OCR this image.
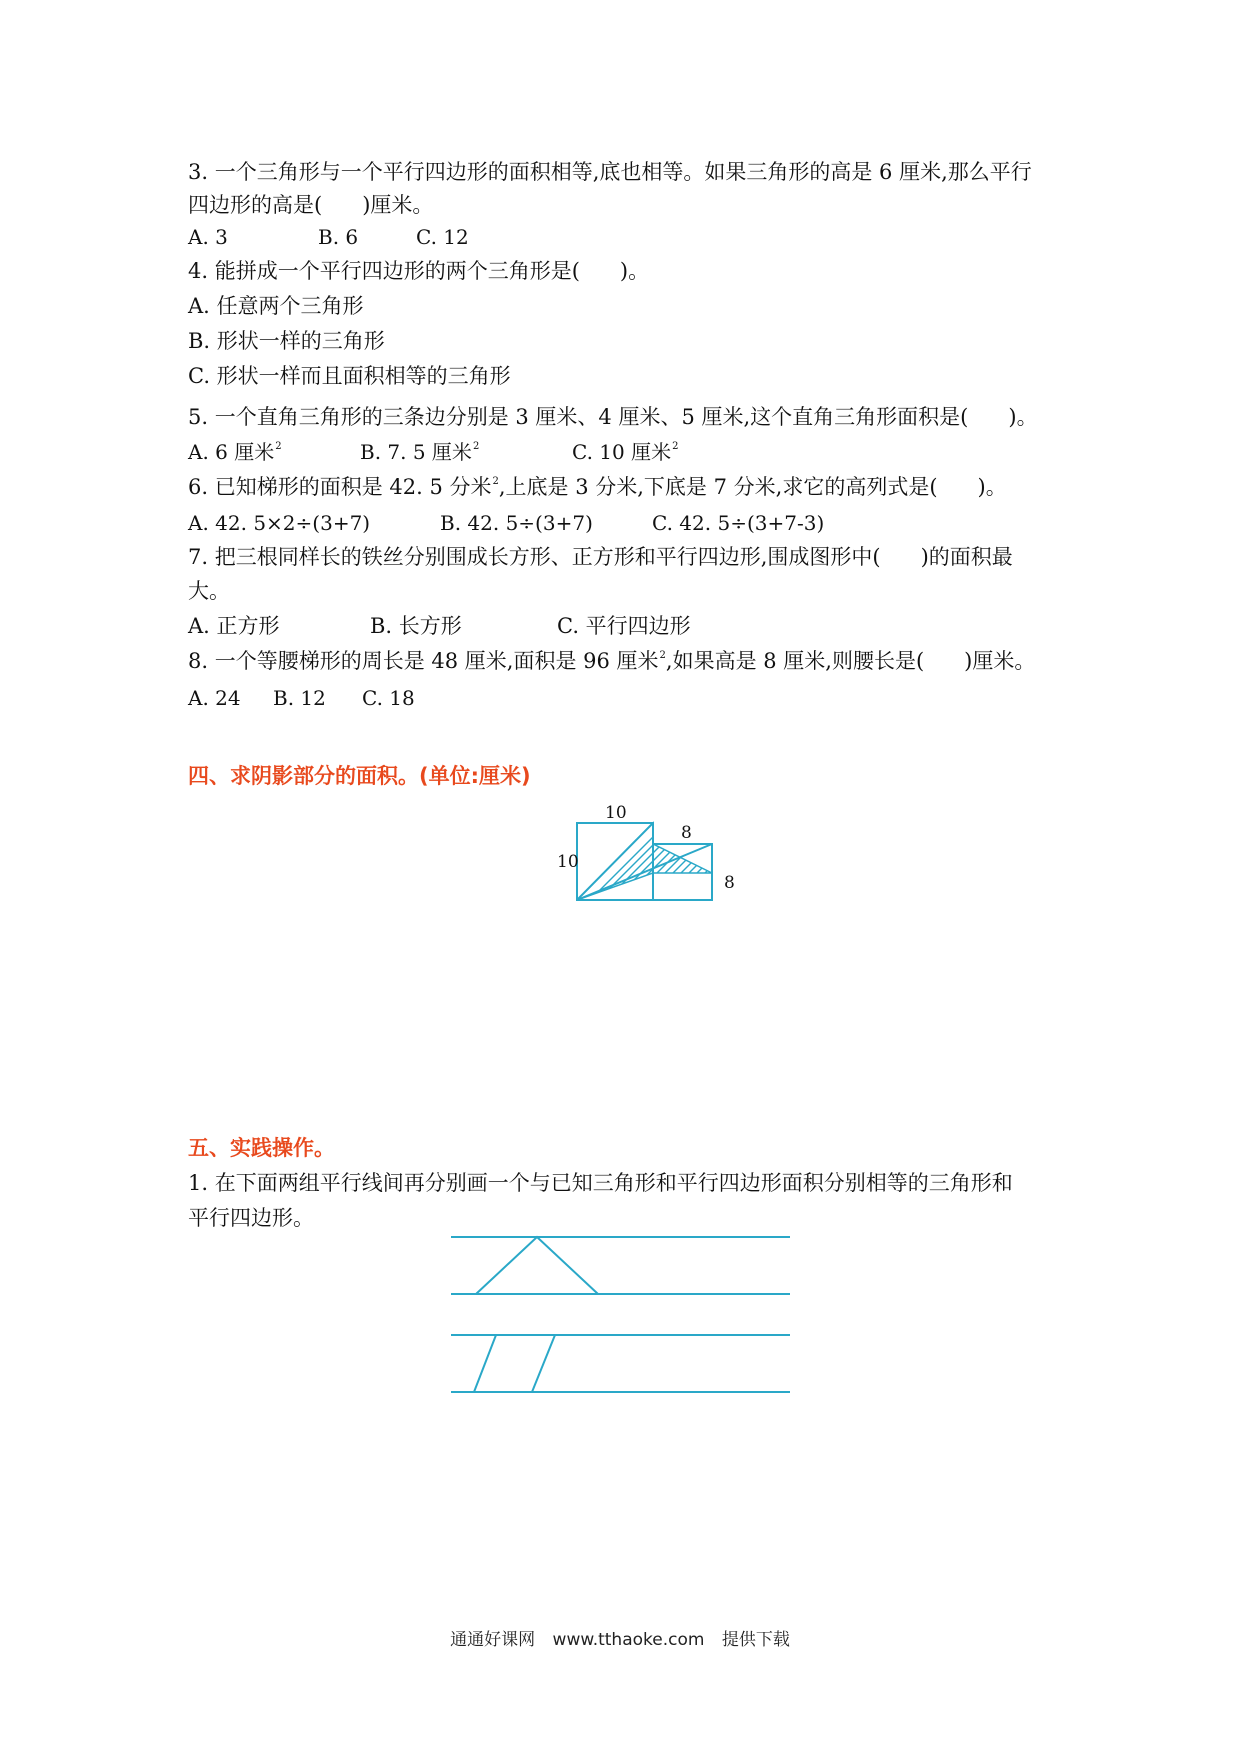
3. 一个三角形与一个平行四边形的面积相等,底也相等。如果三角形的高是 6 厘米,那么平行
四边形的高是( )厘米。
A. 3	B. 6	C. 12
4. 能拼成一个平行四边形的两个三角形是( )。
A. 任意两个三角形
B. 形状一样的三角形
C. 形状一样而且面积相等的三角形
5. 一个直角三角形的三条边分别是 3 厘米、4 厘米、5 厘米,这个直角三角形面积是( )。
A. 6 厘米$^2$	B. 7. 5 厘米$^2$	C. 10 厘米$^2$
6. 已知梯形的面积是 42. 5 分米$^2$,上底是 3 分米,下底是 7 分米,求它的高列式是( )。
A. 42. 5×2÷(3+7)	B. 42. 5÷(3+7)	C. 42. 5÷(3+7-3)
7. 把三根同样长的铁丝分别围成长方形、正方形和平行四边形,围成图形中( )的面积最
大。
A. 正方形	B. 长方形	C. 平行四边形
8. 一个等腰梯形的周长是 48 厘米,面积是 96 厘米$^2$,如果高是 8 厘米,则腰长是( )厘米。
A. 24 B. 12 C. 18
四、求阴影部分的面积。(单位:厘米)
五、实践操作。
1. 在下面两组平行线间再分别画一个与已知三角形和平行四边形面积分别相等的三角形和
平行四边形。
10
10
8
8
通通好课网 www.tthaoke.com 提供下载
